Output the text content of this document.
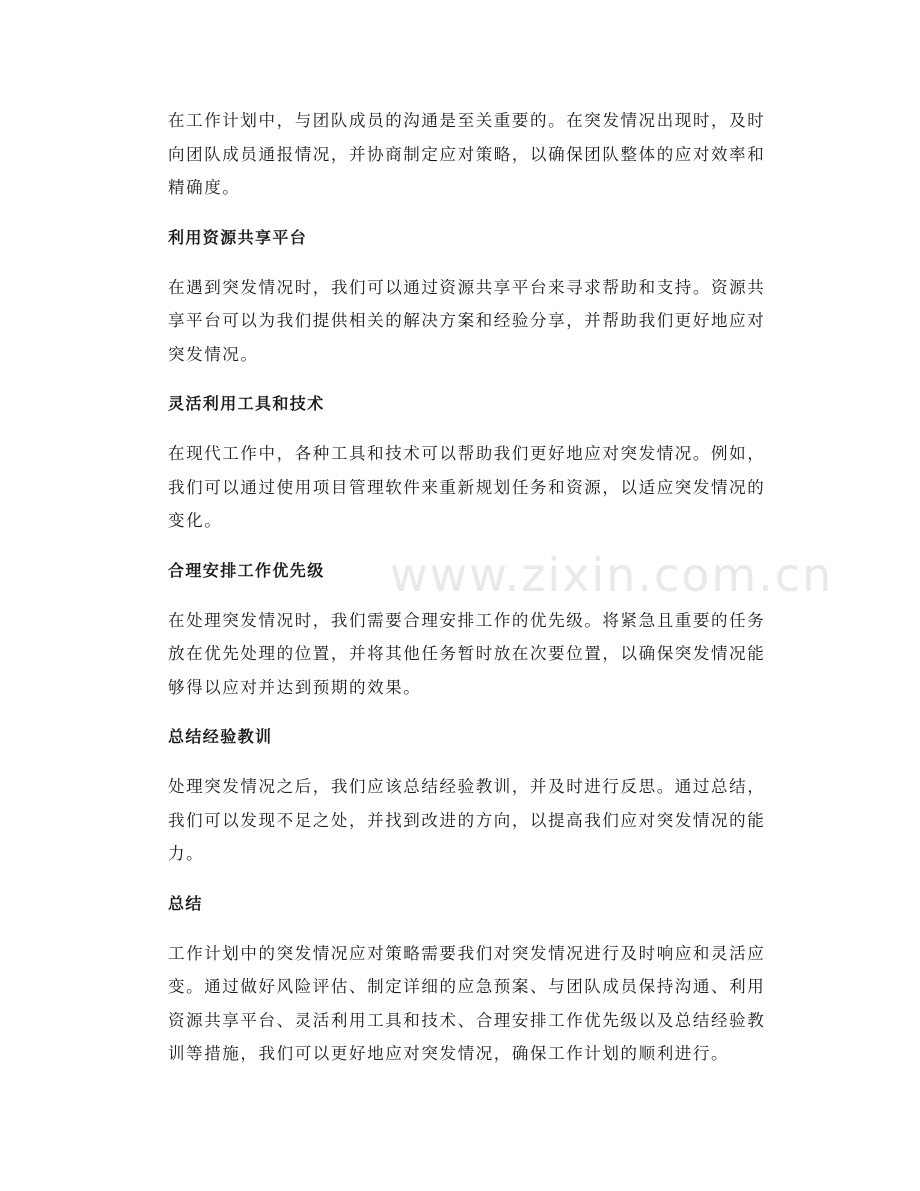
www.zixin.com.cn

在工作计划中，与团队成员的沟通是至关重要的。在突发情况出现时，及时向团队成员通报情况，并协商制定应对策略，以确保团队整体的应对效率和精确度。

利用资源共享平台

在遇到突发情况时，我们可以通过资源共享平台来寻求帮助和支持。资源共享平台可以为我们提供相关的解决方案和经验分享，并帮助我们更好地应对突发情况。

灵活利用工具和技术

在现代工作中，各种工具和技术可以帮助我们更好地应对突发情况。例如，我们可以通过使用项目管理软件来重新规划任务和资源，以适应突发情况的变化。

合理安排工作优先级

在处理突发情况时，我们需要合理安排工作的优先级。将紧急且重要的任务放在优先处理的位置，并将其他任务暂时放在次要位置，以确保突发情况能够得以应对并达到预期的效果。

总结经验教训

处理突发情况之后，我们应该总结经验教训，并及时进行反思。通过总结，我们可以发现不足之处，并找到改进的方向，以提高我们应对突发情况的能力。

总结

工作计划中的突发情况应对策略需要我们对突发情况进行及时响应和灵活应变。通过做好风险评估、制定详细的应急预案、与团队成员保持沟通、利用资源共享平台、灵活利用工具和技术、合理安排工作优先级以及总结经验教训等措施，我们可以更好地应对突发情况，确保工作计划的顺利进行。
